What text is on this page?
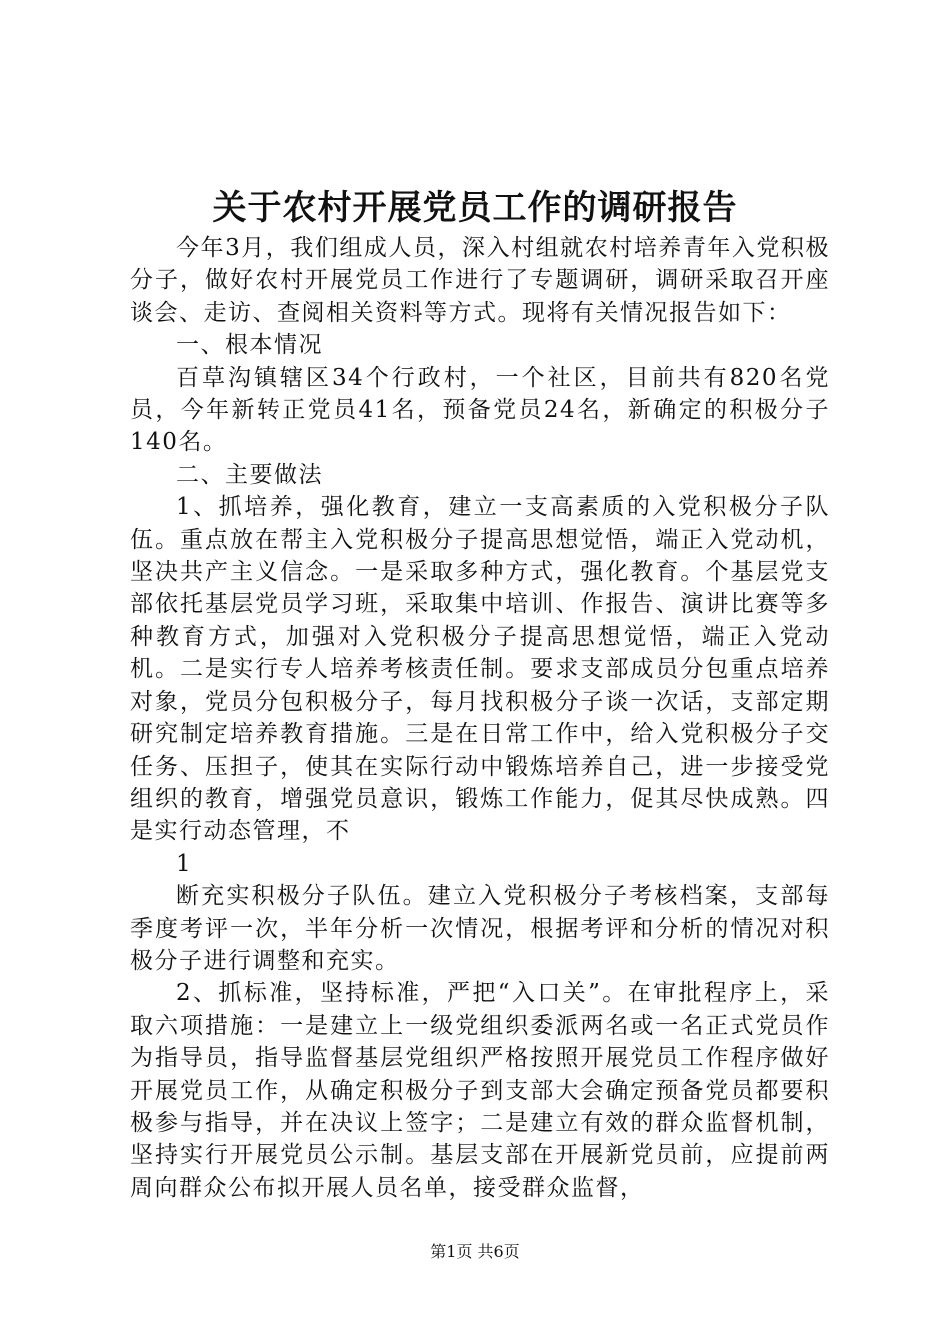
关于农村开展党员工作的调研报告

今年3月，我们组成人员，深入村组就农村培养青年入党积极分子，做好农村开展党员工作进行了专题调研，调研采取召开座谈会、走访、查阅相关资料等方式。现将有关情况报告如下：

一、根本情况

百草沟镇辖区34个行政村，一个社区，目前共有820名党员，今年新转正党员41名，预备党员24名，新确定的积极分子140名。

二、主要做法

1、抓培养，强化教育，建立一支高素质的入党积极分子队伍。重点放在帮主入党积极分子提高思想觉悟，端正入党动机，坚决共产主义信念。一是采取多种方式，强化教育。个基层党支部依托基层党员学习班，采取集中培训、作报告、演讲比赛等多种教育方式，加强对入党积极分子提高思想觉悟，端正入党动机。二是实行专人培养考核责任制。要求支部成员分包重点培养对象，党员分包积极分子，每月找积极分子谈一次话，支部定期研究制定培养教育措施。三是在日常工作中，给入党积极分子交任务、压担子，使其在实际行动中锻炼培养自己，进一步接受党组织的教育，增强党员意识，锻炼工作能力，促其尽快成熟。四是实行动态管理，不

1

断充实积极分子队伍。建立入党积极分子考核档案，支部每季度考评一次，半年分析一次情况，根据考评和分析的情况对积极分子进行调整和充实。

2、抓标准，坚持标准，严把“入口关”。在审批程序上，采取六项措施：一是建立上一级党组织委派两名或一名正式党员作为指导员，指导监督基层党组织严格按照开展党员工作程序做好开展党员工作，从确定积极分子到支部大会确定预备党员都要积极参与指导，并在决议上签字；二是建立有效的群众监督机制，坚持实行开展党员公示制。基层支部在开展新党员前，应提前两周向群众公布拟开展人员名单，接受群众监督，

第1页 共6页
